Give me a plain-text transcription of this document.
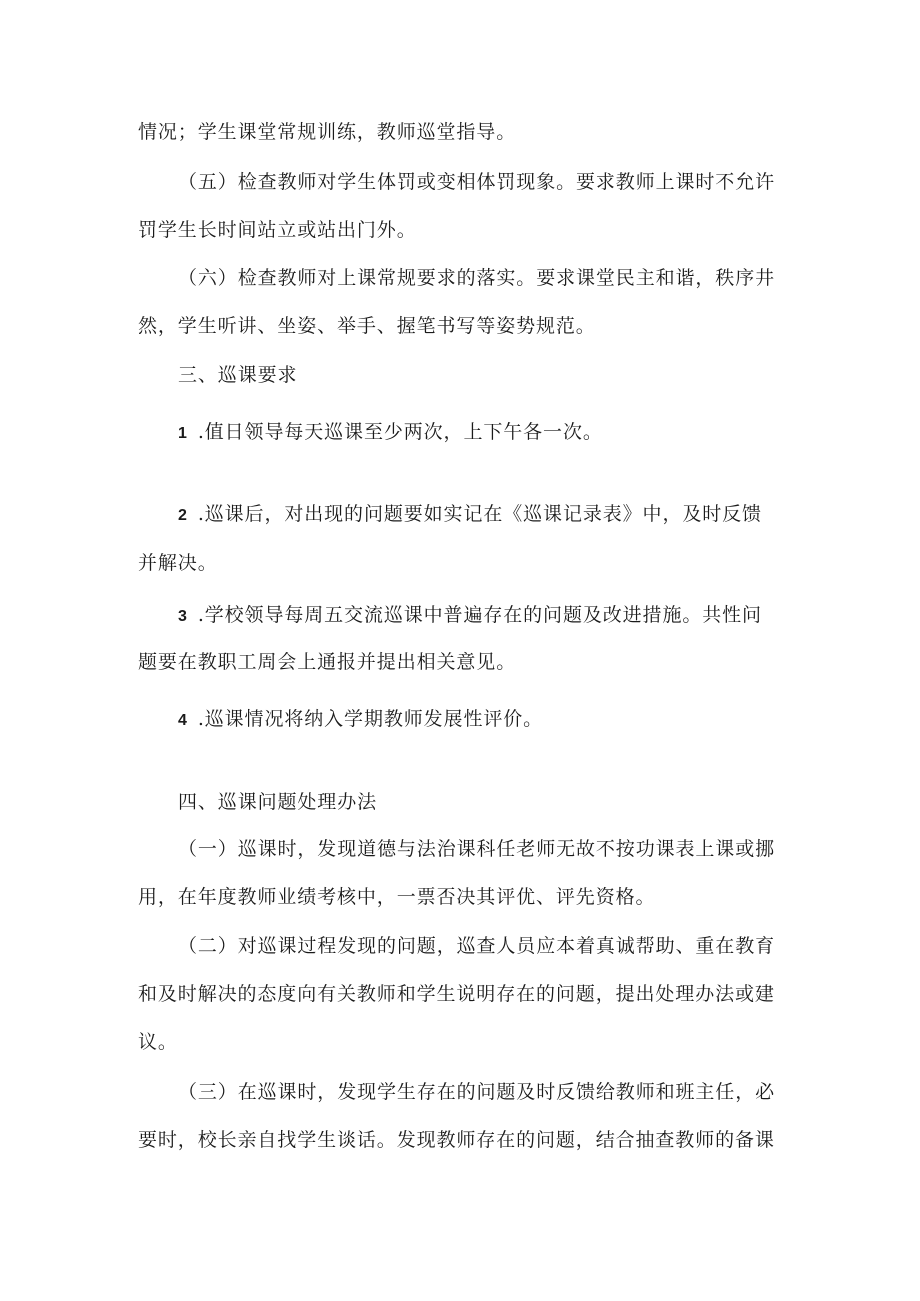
情况；学生课堂常规训练，教师巡堂指导。
（五）检查教师对学生体罚或变相体罚现象。要求教师上课时不允许
罚学生长时间站立或站出门外。
（六）检查教师对上课常规要求的落实。要求课堂民主和谐，秩序井
然，学生听讲、坐姿、举手、握笔书写等姿势规范。
三、巡课要求
1 .值日领导每天巡课至少两次，上下午各一次。
2 .巡课后，对出现的问题要如实记在《巡课记录表》中，及时反馈
并解决。
3 .学校领导每周五交流巡课中普遍存在的问题及改进措施。共性问
题要在教职工周会上通报并提出相关意见。
4 .巡课情况将纳入学期教师发展性评价。
四、巡课问题处理办法
（一）巡课时，发现道德与法治课科任老师无故不按功课表上课或挪
用，在年度教师业绩考核中，一票否决其评优、评先资格。
（二）对巡课过程发现的问题，巡查人员应本着真诚帮助、重在教育
和及时解决的态度向有关教师和学生说明存在的问题，提出处理办法或建
议。
（三）在巡课时，发现学生存在的问题及时反馈给教师和班主任，必
要时，校长亲自找学生谈话。发现教师存在的问题，结合抽查教师的备课
